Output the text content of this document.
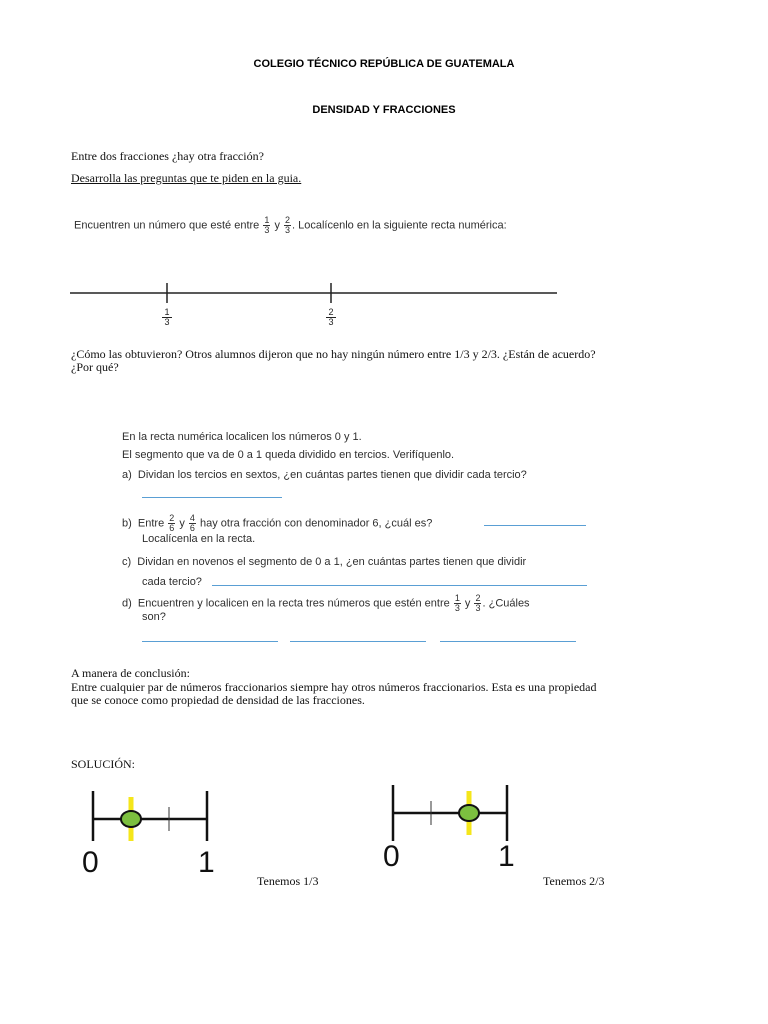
COLEGIO TÉCNICO REPÚBLICA DE GUATEMALA
DENSIDAD Y FRACCIONES
Entre dos fracciones ¿hay otra fracción?
Desarrolla las preguntas que te piden en la guia.
Encuentren un número que esté entre $\frac{1}{3}$ y $\frac{2}{3}$ . Localícenlo en la siguiente recta numérica:
1
3
2
3
¿Cómo las obtuvieron? Otros alumnos dijeron que no hay ningún número entre 1/3 y 2/3. ¿Están de acuerdo?
¿Por qué?
En la recta numérica localicen los números 0 y 1.
El segmento que va de 0 a 1 queda dividido en tercios. Verifíquenlo.
a) Dividan los tercios en sextos, ¿en cuántas partes tienen que dividir cada tercio?
b) Entre $\frac{2}{6}$ y $\frac{4}{6}$ hay otra fracción con denominador 6, ¿cuál es?
Localícenla en la recta.
c) Dividan en novenos el segmento de 0 a 1, ¿en cuántas partes tienen que dividir
cada tercio?
d) Encuentren y localicen en la recta tres números que estén entre $\frac{1}{3}$ y $\frac{2}{3}$ . ¿Cuáles
son?
A manera de conclusión:
Entre cualquier par de números fraccionarios siempre hay otros números fraccionarios. Esta es una propiedad
que se conoce como propiedad de densidad de las fracciones.
SOLUCIÓN:
0	1
Tenemos 1/3
0	1
Tenemos 2/3
